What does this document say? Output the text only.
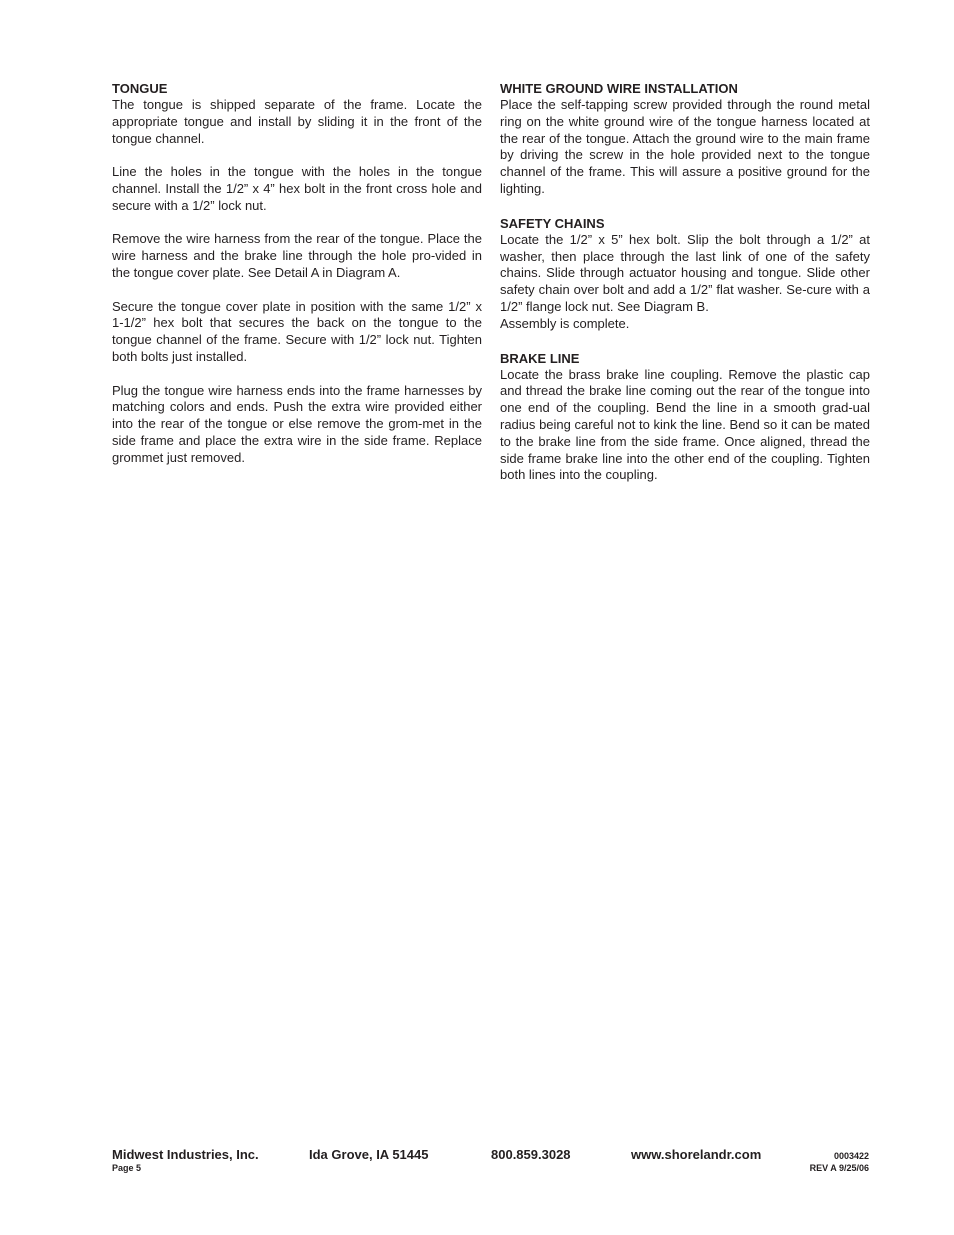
TONGUE

The tongue is shipped separate of the frame. Locate the appropriate tongue and install by sliding it in the front of the tongue channel.

Line the holes in the tongue with the holes in the tongue channel. Install the 1/2” x 4” hex bolt in the front cross hole and secure with a 1/2” lock nut.

Remove the wire harness from the rear of the tongue. Place the wire harness and the brake line through the hole pro-vided in the tongue cover plate. See Detail A in Diagram A.

Secure the tongue cover plate in position with the same 1/2” x 1-1/2” hex bolt that secures the back on the tongue to the tongue channel of the frame. Secure with 1/2” lock nut. Tighten both bolts just installed.

Plug the tongue wire harness ends into the frame harnesses by matching colors and ends. Push the extra wire provided either into the rear of the tongue or else remove the grom-met in the side frame and place the extra wire in the side frame. Replace grommet just removed.

WHITE GROUND WIRE INSTALLATION

Place the self-tapping screw provided through the round metal ring on the white ground wire of the tongue harness located at the rear of the tongue. Attach the ground wire to the main frame by driving the screw in the hole provided next to the tongue channel of the frame. This will assure a positive ground for the lighting.

SAFETY CHAINS

Locate the 1/2” x 5” hex bolt. Slip the bolt through a 1/2” at washer, then place through the last link of one of the safety chains. Slide through actuator housing and tongue. Slide other safety chain over bolt and add a 1/2” flat washer. Se-cure with a 1/2” flange lock nut. See Diagram B.

Assembly is complete.

BRAKE LINE

Locate the brass brake line coupling. Remove the plastic cap and thread the brake line coming out the rear of the tongue into one end of the coupling. Bend the line in a smooth grad-ual radius being careful not to kink the line. Bend so it can be mated to the brake line from the side frame. Once aligned, thread the side frame brake line into the other end of the coupling. Tighten both lines into the coupling.

Midwest Industries, Inc.	Ida Grove, IA 51445	800.859.3028	www.shorelandr.com	0003422
Page 5	REV A 9/25/06
